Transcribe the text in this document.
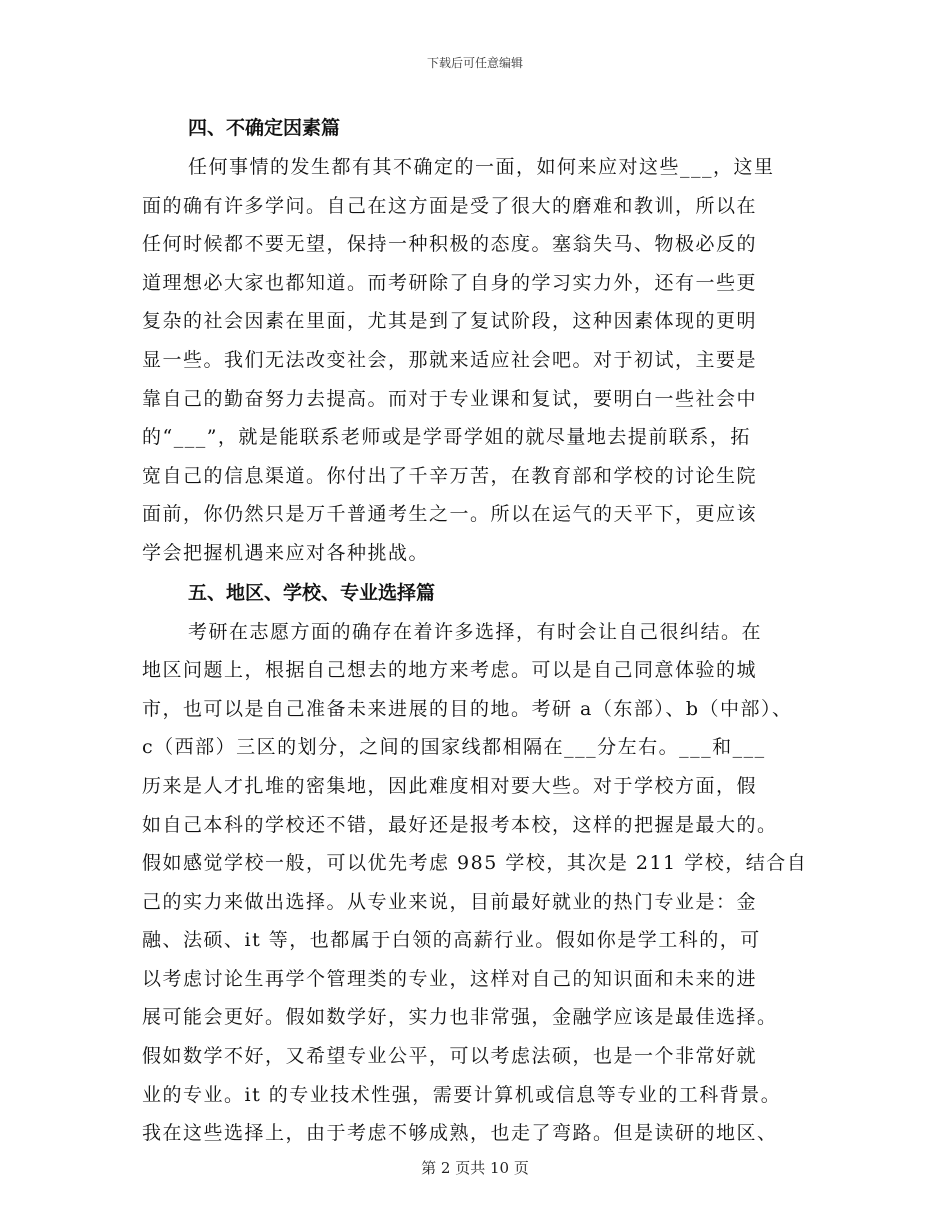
下载后可任意编辑
四、不确定因素篇
任何事情的发生都有其不确定的一面，如何来应对这些___，这里
面的确有许多学问。自己在这方面是受了很大的磨难和教训，所以在
任何时候都不要无望，保持一种积极的态度。塞翁失马、物极必反的
道理想必大家也都知道。而考研除了自身的学习实力外，还有一些更
复杂的社会因素在里面，尤其是到了复试阶段，这种因素体现的更明
显一些。我们无法改变社会，那就来适应社会吧。对于初试，主要是
靠自己的勤奋努力去提高。而对于专业课和复试，要明白一些社会中
的“___”，就是能联系老师或是学哥学姐的就尽量地去提前联系，拓
宽自己的信息渠道。你付出了千辛万苦，在教育部和学校的讨论生院
面前，你仍然只是万千普通考生之一。所以在运气的天平下，更应该
学会把握机遇来应对各种挑战。
五、地区、学校、专业选择篇
考研在志愿方面的确存在着许多选择，有时会让自己很纠结。在
地区问题上，根据自己想去的地方来考虑。可以是自己同意体验的城
市，也可以是自己准备未来进展的目的地。考研 a（东部）、b（中部）、
c（西部）三区的划分，之间的国家线都相隔在___分左右。___和___
历来是人才扎堆的密集地，因此难度相对要大些。对于学校方面，假
如自己本科的学校还不错，最好还是报考本校，这样的把握是最大的。
假如感觉学校一般，可以优先考虑 985 学校，其次是 211 学校，结合自
己的实力来做出选择。从专业来说，目前最好就业的热门专业是：金
融、法硕、it 等，也都属于白领的高薪行业。假如你是学工科的，可
以考虑讨论生再学个管理类的专业，这样对自己的知识面和未来的进
展可能会更好。假如数学好，实力也非常强，金融学应该是最佳选择。
假如数学不好，又希望专业公平，可以考虑法硕，也是一个非常好就
业的专业。it 的专业技术性强，需要计算机或信息等专业的工科背景。
我在这些选择上，由于考虑不够成熟，也走了弯路。但是读研的地区、
第 2 页共 10 页
